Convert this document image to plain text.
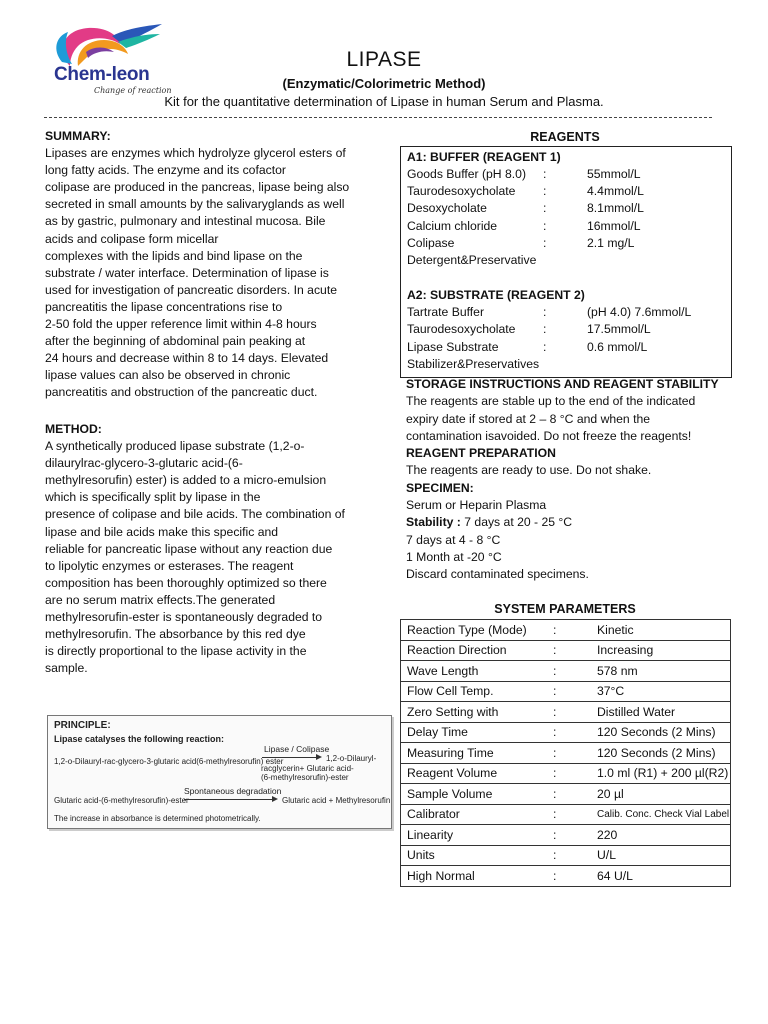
Chem-leon
Change of reaction
LIPASE
(Enzymatic/Colorimetric Method)
Kit for the quantitative determination of Lipase in human Serum and Plasma.

SUMMARY:

Lipases are enzymes which hydrolyze glycerol esters of

long fatty acids. The enzyme and its cofactor

colipase are produced in the pancreas, lipase being also

secreted in small amounts by the salivaryglands as well

as by gastric, pulmonary and intestinal mucosa. Bile

acids and colipase form micellar

complexes with the lipids and bind lipase on the

substrate / water interface. Determination of lipase is

used for investigation of pancreatic disorders. In acute

pancreatitis the lipase concentrations rise to

2-50 fold the upper reference limit within 4-8 hours

after the beginning of abdominal pain peaking at

24 hours and decrease within 8 to 14 days. Elevated

lipase values can also be observed in chronic

pancreatitis and obstruction of the pancreatic duct.

METHOD:

A synthetically produced lipase substrate (1,2-o-

dilaurylrac-glycero-3-glutaric acid-(6-

methylresorufin) ester) is added to a micro-emulsion

which is specifically split by lipase in the

presence of colipase and bile acids. The combination of

lipase and bile acids make this specific and

reliable for pancreatic lipase without any reaction due

to lipolytic enzymes or esterases. The reagent

composition has been thoroughly optimized so there

are no serum matrix effects.The generated

methylresorufin-ester is spontaneously degraded to

methylresorufin. The absorbance by this red dye

is directly proportional to the lipase activity in the

sample.

PRINCIPLE:
Lipase catalyses the following reaction:
1,2-o-Dilauryl-rac-glycero-3-glutaric acid(6-methylresorufin) ester
Lipase / Colipase
1,2-o-Dilauryl-
racglycerin+ Glutaric acid-
(6-methylresorufin)-ester
Spontaneous degradation
Glutaric acid-(6-methylresorufin)-ester	Glutaric acid + Methylresorufin
The increase in absorbance is determined photometrically.
REAGENTS
A1: BUFFER (REAGENT 1)
Goods Buffer (pH 8.0) :	55mmol/L
Taurodesoxycholate :	4.4mmol/L
Desoxycholate	:	8.1mmol/L
Calcium chloride	:	16mmol/L
Colipase	:	2.1 mg/L
Detergent&Preservative
A2: SUBSTRATE (REAGENT 2)
Tartrate Buffer	:	(pH 4.0) 7.6mmol/L
Taurodesoxycholate :	17.5mmol/L
Lipase Substrate	:	0.6 mmol/L
Stabilizer&Preservatives

STORAGE INSTRUCTIONS AND REAGENT STABILITY

The reagents are stable up to the end of the indicated

expiry date if stored at 2 – 8 °C and when the

contamination isavoided. Do not freeze the reagents!

REAGENT PREPARATION

The reagents are ready to use. Do not shake.

SPECIMEN:

Serum or Heparin Plasma

Stability : 7 days at 20 - 25 °C

7 days at 4 - 8 °C

1 Month at -20 °C

Discard contaminated specimens.

SYSTEM PARAMETERS
Reaction Type (Mode)	:	Kinetic
Reaction Direction	:	Increasing
Wave Length	:	578 nm
Flow Cell Temp.	:	37°C
Zero Setting with	:	Distilled Water
Delay Time	:	120 Seconds (2 Mins)
Measuring Time	:	120 Seconds (2 Mins)
Reagent Volume	:	1.0 ml (R1) + 200 µl(R2)
Sample Volume	:	20 µl
Calibrator	:	Calib. Conc. Check Vial Label
Linearity	:	220
Units	:	U/L
High Normal	:	64 U/L
